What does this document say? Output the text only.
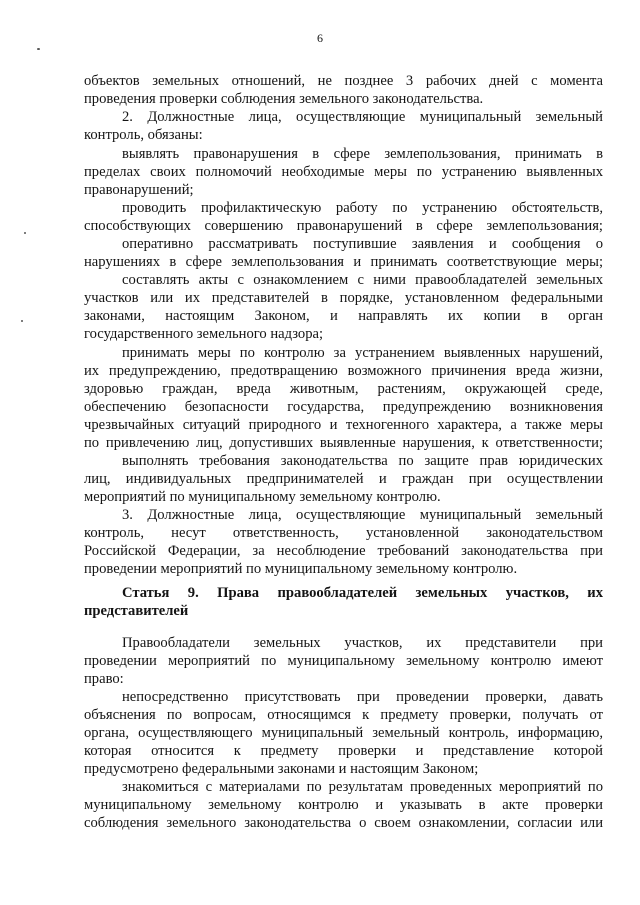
6
объектов земельных отношений, не позднее 3 рабочих дней с момента
проведения проверки соблюдения земельного законодательства.
2. Должностные лица, осуществляющие муниципальный земельный
контроль, обязаны:
выявлять правонарушения в сфере землепользования, принимать в
пределах своих полномочий необходимые меры по устранению выявленных
правонарушений;
проводить профилактическую работу по устранению обстоятельств,
способствующих совершению правонарушений в сфере землепользования;
оперативно рассматривать поступившие заявления и сообщения о
нарушениях в сфере землепользования и принимать соответствующие меры;
составлять акты с ознакомлением с ними правообладателей земельных
участков или их представителей в порядке, установленном федеральными
законами, настоящим Законом, и направлять их копии в орган
государственного земельного надзора;
принимать меры по контролю за устранением выявленных нарушений,
их предупреждению, предотвращению возможного причинения вреда жизни,
здоровью граждан, вреда животным, растениям, окружающей среде,
обеспечению безопасности государства, предупреждению возникновения
чрезвычайных ситуаций природного и техногенного характера, а также меры
по привлечению лиц, допустивших выявленные нарушения, к ответственности;
выполнять требования законодательства по защите прав юридических
лиц, индивидуальных предпринимателей и граждан при осуществлении
мероприятий по муниципальному земельному контролю.
3. Должностные лица, осуществляющие муниципальный земельный
контроль, несут ответственность, установленной законодательством
Российской Федерации, за несоблюдение требований законодательства при
проведении мероприятий по муниципальному земельному контролю.
Статья 9. Права правообладателей земельных участков, их
представителей
Правообладатели земельных участков, их представители при
проведении мероприятий по муниципальному земельному контролю имеют
право:
непосредственно присутствовать при проведении проверки, давать
объяснения по вопросам, относящимся к предмету проверки, получать от
органа, осуществляющего муниципальный земельный контроль, информацию,
которая относится к предмету проверки и представление которой
предусмотрено федеральными законами и настоящим Законом;
знакомиться с материалами по результатам проведенных мероприятий по
муниципальному земельному контролю и указывать в акте проверки
соблюдения земельного законодательства о своем ознакомлении, согласии или
